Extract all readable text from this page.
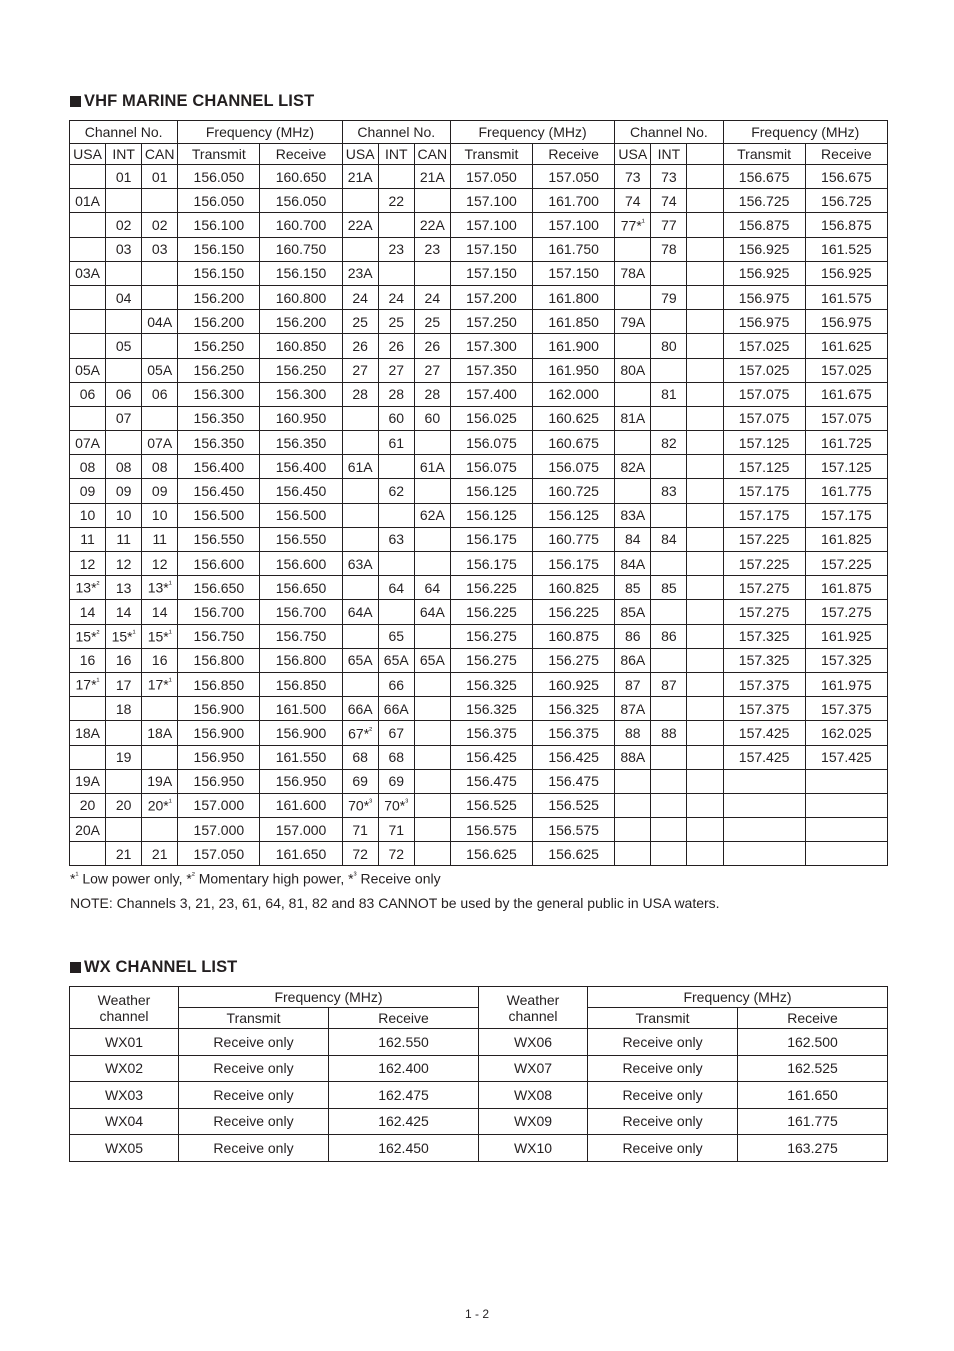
VHF MARINE CHANNEL LIST
Channel No.			Frequency (MHz)		Channel No.			Frequency (MHz)		Channel No.			Frequency (MHz)	
USA	INT	CAN	Transmit	Receive	USA	INT	CAN	Transmit	Receive	USA	INT		Transmit	Receive
	01	01	156.050	160.650	21A		21A	157.050	157.050	73	73		156.675	156.675
01A			156.050	156.050		22		157.100	161.700	74	74		156.725	156.725
	02	02	156.100	160.700	22A		22A	157.100	157.100	77*$^{^1}$	77		156.875	156.875
	03	03	156.150	160.750		23	23	157.150	161.750		78		156.925	161.525
03A			156.150	156.150	23A			157.150	157.150	78A			156.925	156.925
	04		156.200	160.800	24	24	24	157.200	161.800		79		156.975	161.575
		04A	156.200	156.200	25	25	25	157.250	161.850	79A			156.975	156.975
	05		156.250	160.850	26	26	26	157.300	161.900		80		157.025	161.625
05A		05A	156.250	156.250	27	27	27	157.350	161.950	80A			157.025	157.025
06	06	06	156.300	156.300	28	28	28	157.400	162.000		81		157.075	161.675
	07		156.350	160.950		60	60	156.025	160.625	81A			157.075	157.075
07A		07A	156.350	156.350		61		156.075	160.675		82		157.125	161.725
08	08	08	156.400	156.400	61A		61A	156.075	156.075	82A			157.125	157.125
09	09	09	156.450	156.450		62		156.125	160.725		83		157.175	161.775
10	10	10	156.500	156.500			62A	156.125	156.125	83A			157.175	157.175
11	11	11	156.550	156.550		63		156.175	160.775	84	84		157.225	161.825
12	12	12	156.600	156.600	63A			156.175	156.175	84A			157.225	157.225
13*$^{^2}$	13	13*$^{^1}$	156.650	156.650		64	64	156.225	160.825	85	85		157.275	161.875
14	14	14	156.700	156.700	64A		64A	156.225	156.225	85A			157.275	157.275
15*$^{^2}$	15*$^{^1}$	15*$^{^1}$	156.750	156.750		65		156.275	160.875	86	86		157.325	161.925
16	16	16	156.800	156.800	65A	65A	65A	156.275	156.275	86A			157.325	157.325
17*$^{^1}$	17	17*$^{^1}$	156.850	156.850		66		156.325	160.925	87	87		157.375	161.975
	18		156.900	161.500	66A	66A		156.325	156.325	87A			157.375	157.375
18A		18A	156.900	156.900	67*$^{^2}$	67		156.375	156.375	88	88		157.425	162.025
	19		156.950	161.550	68	68		156.425	156.425	88A			157.425	157.425
19A		19A	156.950	156.950	69	69		156.475	156.475					
20	20	20*$^{^1}$	157.000	161.600	70*$^{^3}$	70*$^{^3}$		156.525	156.525					
20A			157.000	157.000	71	71		156.575	156.575					
	21	21	157.050	161.650	72	72		156.625	156.625					
*$^{^1}$ Low power only, *$^{^2}$ Momentary high power, *$^{^3}$ Receive only
NOTE: Channels 3, 21, 23, 61, 64, 81, 82 and 83 CANNOT be used by the general public in USA waters.
WX CHANNEL LIST
Weather
channel	Frequency (MHz)		Weather
channel	Frequency (MHz)	
	Transmit	Receive		Transmit	Receive
WX01	Receive only	162.550	WX06	Receive only	162.500
WX02	Receive only	162.400	WX07	Receive only	162.525
WX03	Receive only	162.475	WX08	Receive only	161.650
WX04	Receive only	162.425	WX09	Receive only	161.775
WX05	Receive only	162.450	WX10	Receive only	163.275
1 - 2
